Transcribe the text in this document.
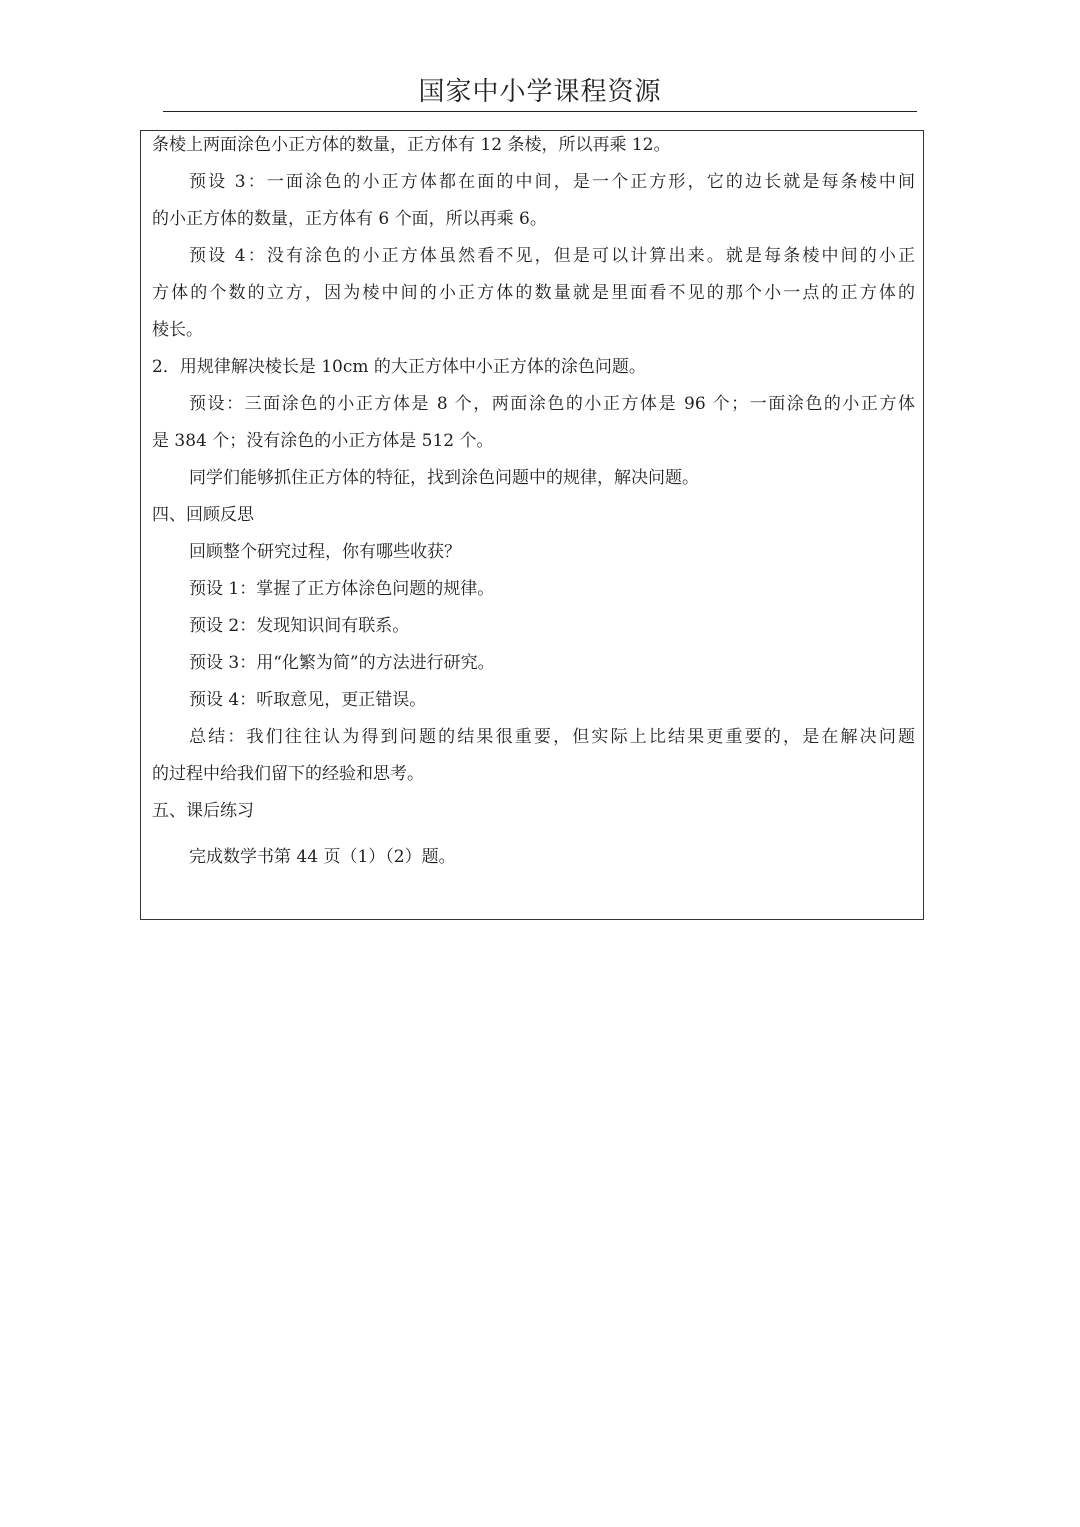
国家中小学课程资源
条棱上两面涂色小正方体的数量，正方体有 12 条棱，所以再乘 12。
预设 3：一面涂色的小正方体都在面的中间，是一个正方形，它的边长就是每条棱中间
的小正方体的数量，正方体有 6 个面，所以再乘 6。
预设 4：没有涂色的小正方体虽然看不见，但是可以计算出来。就是每条棱中间的小正
方体的个数的立方，因为棱中间的小正方体的数量就是里面看不见的那个小一点的正方体的
棱长。
2．用规律解决棱长是 10cm 的大正方体中小正方体的涂色问题。
预设：三面涂色的小正方体是 8 个，两面涂色的小正方体是 96 个；一面涂色的小正方体
是 384 个；没有涂色的小正方体是 512 个。
同学们能够抓住正方体的特征，找到涂色问题中的规律，解决问题。
四、回顾反思
回顾整个研究过程，你有哪些收获？
预设 1：掌握了正方体涂色问题的规律。
预设 2：发现知识间有联系。
预设 3：用“化繁为简”的方法进行研究。
预设 4：听取意见，更正错误。
总结：我们往往认为得到问题的结果很重要，但实际上比结果更重要的，是在解决问题
的过程中给我们留下的经验和思考。
五、课后练习
完成数学书第 44 页（1）（2）题。
